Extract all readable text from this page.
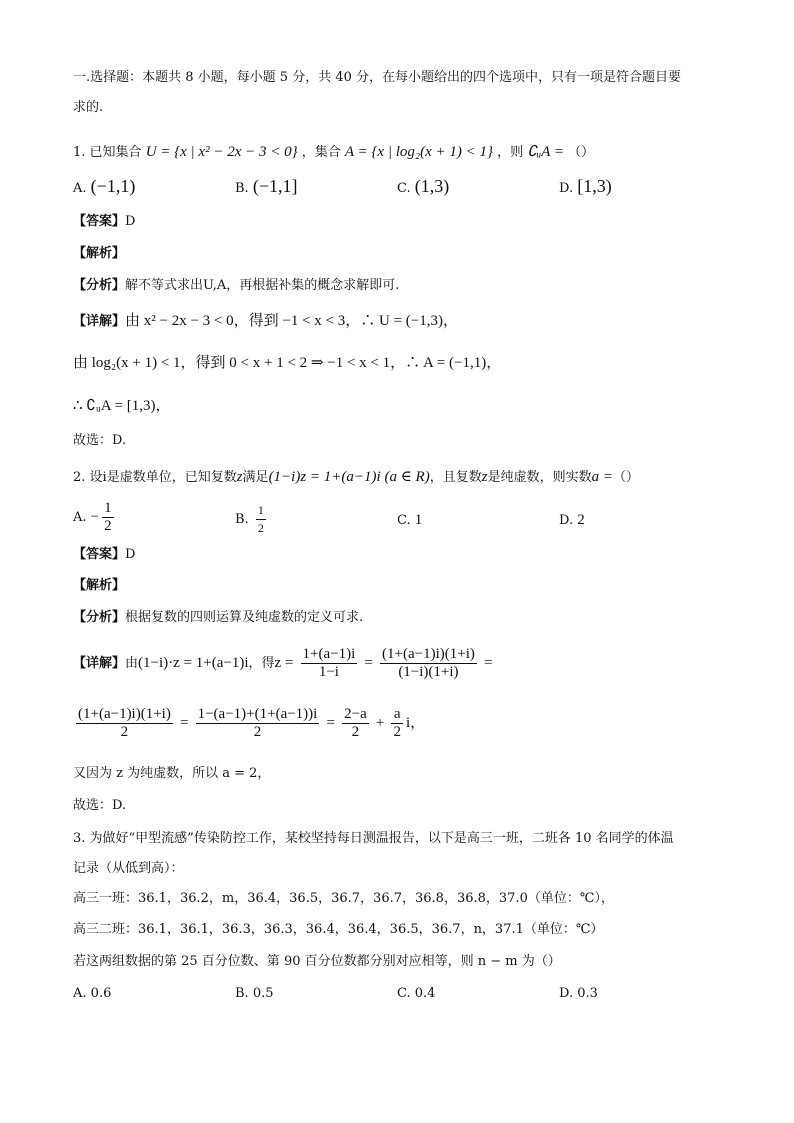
一.选择题：本题共 8 小题，每小题 5 分，共 40 分，在每小题给出的四个选项中，只有一项是符合题目要
求的.
1. 已知集合 U = {x | x² − 2x − 3 < 0} ，集合 A = {x | log₂(x + 1) < 1} ，则 ∁ᵤA = （）
A. (−1,1)	B. (−1,1]	C. (1,3)	D. [1,3)
【答案】D
【解析】
【分析】解不等式求出U,A，再根据补集的概念求解即可.
【详解】由 x² − 2x − 3 < 0，得到 −1 < x < 3，∴ U = (−1,3)，
由 log₂(x + 1) < 1，得到 0 < x + 1 < 2 ⇒ −1 < x < 1，∴ A = (−1,1)，
∴ ∁ᵤA = [1,3)，
故选：D.
2. 设i是虚数单位，已知复数z满足(1−i)z = 1+(a−1)i (a ∈ R)，且复数z是纯虚数，则实数a =（）
A. − $\frac{1}{2}$	B. $\frac{1}{2}$	C. 1	D. 2
【答案】D
【解析】
【分析】根据复数的四则运算及纯虚数的定义可求.
【详解】由(1−i)·z = 1+(a−1)i，得$z = \frac{1+(a-1)i}{1-i} = \frac{(1+(a-1)i)(1+i)}{(1-i)(1+i)}$ =
$\frac{(1+(a-1)i)(1+i)}{2} = \frac{1-(a-1)+(1+(a-1))i}{2} = \frac{2-a}{2} + \frac{a}{2}$ i，
又因为 z 为纯虚数，所以 a = 2，
故选：D.
3. 为做好“甲型流感”传染防控工作，某校坚持每日测温报告，以下是高三一班，二班各 10 名同学的体温
记录（从低到高）：
高三一班：36.1，36.2，m，36.4，36.5，36.7，36.7，36.8，36.8，37.0（单位：℃），
高三二班：36.1，36.1，36.3，36.3，36.4，36.4，36.5，36.7，n，37.1（单位：℃）
若这两组数据的第 25 百分位数、第 90 百分位数都分别对应相等，则 n − m 为（）
A. 0.6	B. 0.5	C. 0.4	D. 0.3
